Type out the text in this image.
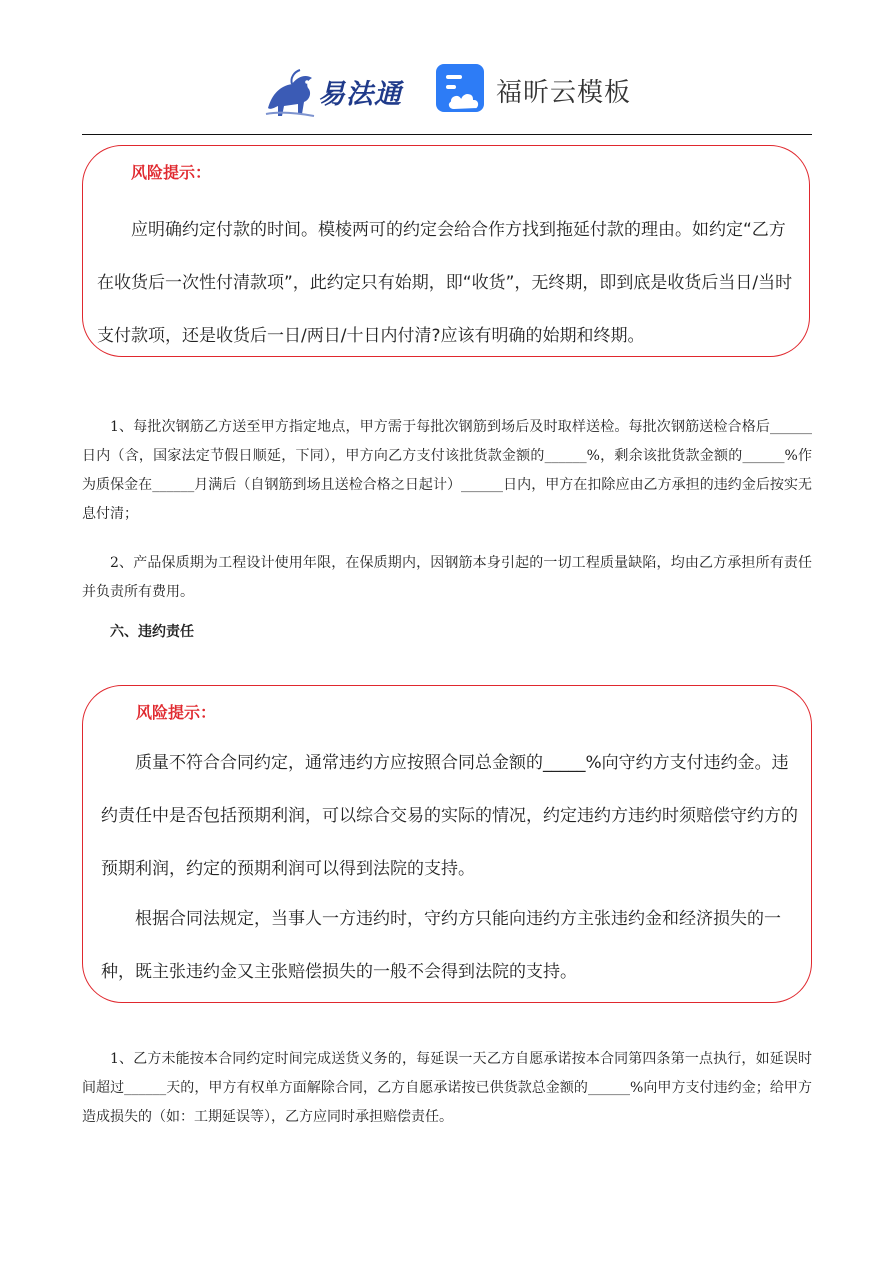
易法通	福昕云模板
风险提示：

应明确约定付款的时间。模棱两可的约定会给合作方找到拖延付款的理由。如约定“乙方在收货后一次性付清款项”，此约定只有始期，即“收货”，无终期，即到底是收货后当日/当时支付款项，还是收货后一日/两日/十日内付清?应该有明确的始期和终期。

1、每批次钢筋乙方送至甲方指定地点，甲方需于每批次钢筋到场后及时取样送检。每批次钢筋送检合格后______日内（含，国家法定节假日顺延，下同），甲方向乙方支付该批货款金额的______%，剩余该批货款金额的______%作为质保金在______月满后（自钢筋到场且送检合格之日起计）______日内，甲方在扣除应由乙方承担的违约金后按实无息付清；

2、产品保质期为工程设计使用年限，在保质期内，因钢筋本身引起的一切工程质量缺陷，均由乙方承担所有责任并负责所有费用。

六、违约责任
风险提示：

质量不符合合同约定，通常违约方应按照合同总金额的_____%向守约方支付违约金。违约责任中是否包括预期利润，可以综合交易的实际的情况，约定违约方违约时须赔偿守约方的预期利润，约定的预期利润可以得到法院的支持。

根据合同法规定，当事人一方违约时，守约方只能向违约方主张违约金和经济损失的一种，既主张违约金又主张赔偿损失的一般不会得到法院的支持。

1、乙方未能按本合同约定时间完成送货义务的，每延误一天乙方自愿承诺按本合同第四条第一点执行，如延误时间超过______天的，甲方有权单方面解除合同，乙方自愿承诺按已供货款总金额的______%向甲方支付违约金；给甲方造成损失的（如：工期延误等），乙方应同时承担赔偿责任。
